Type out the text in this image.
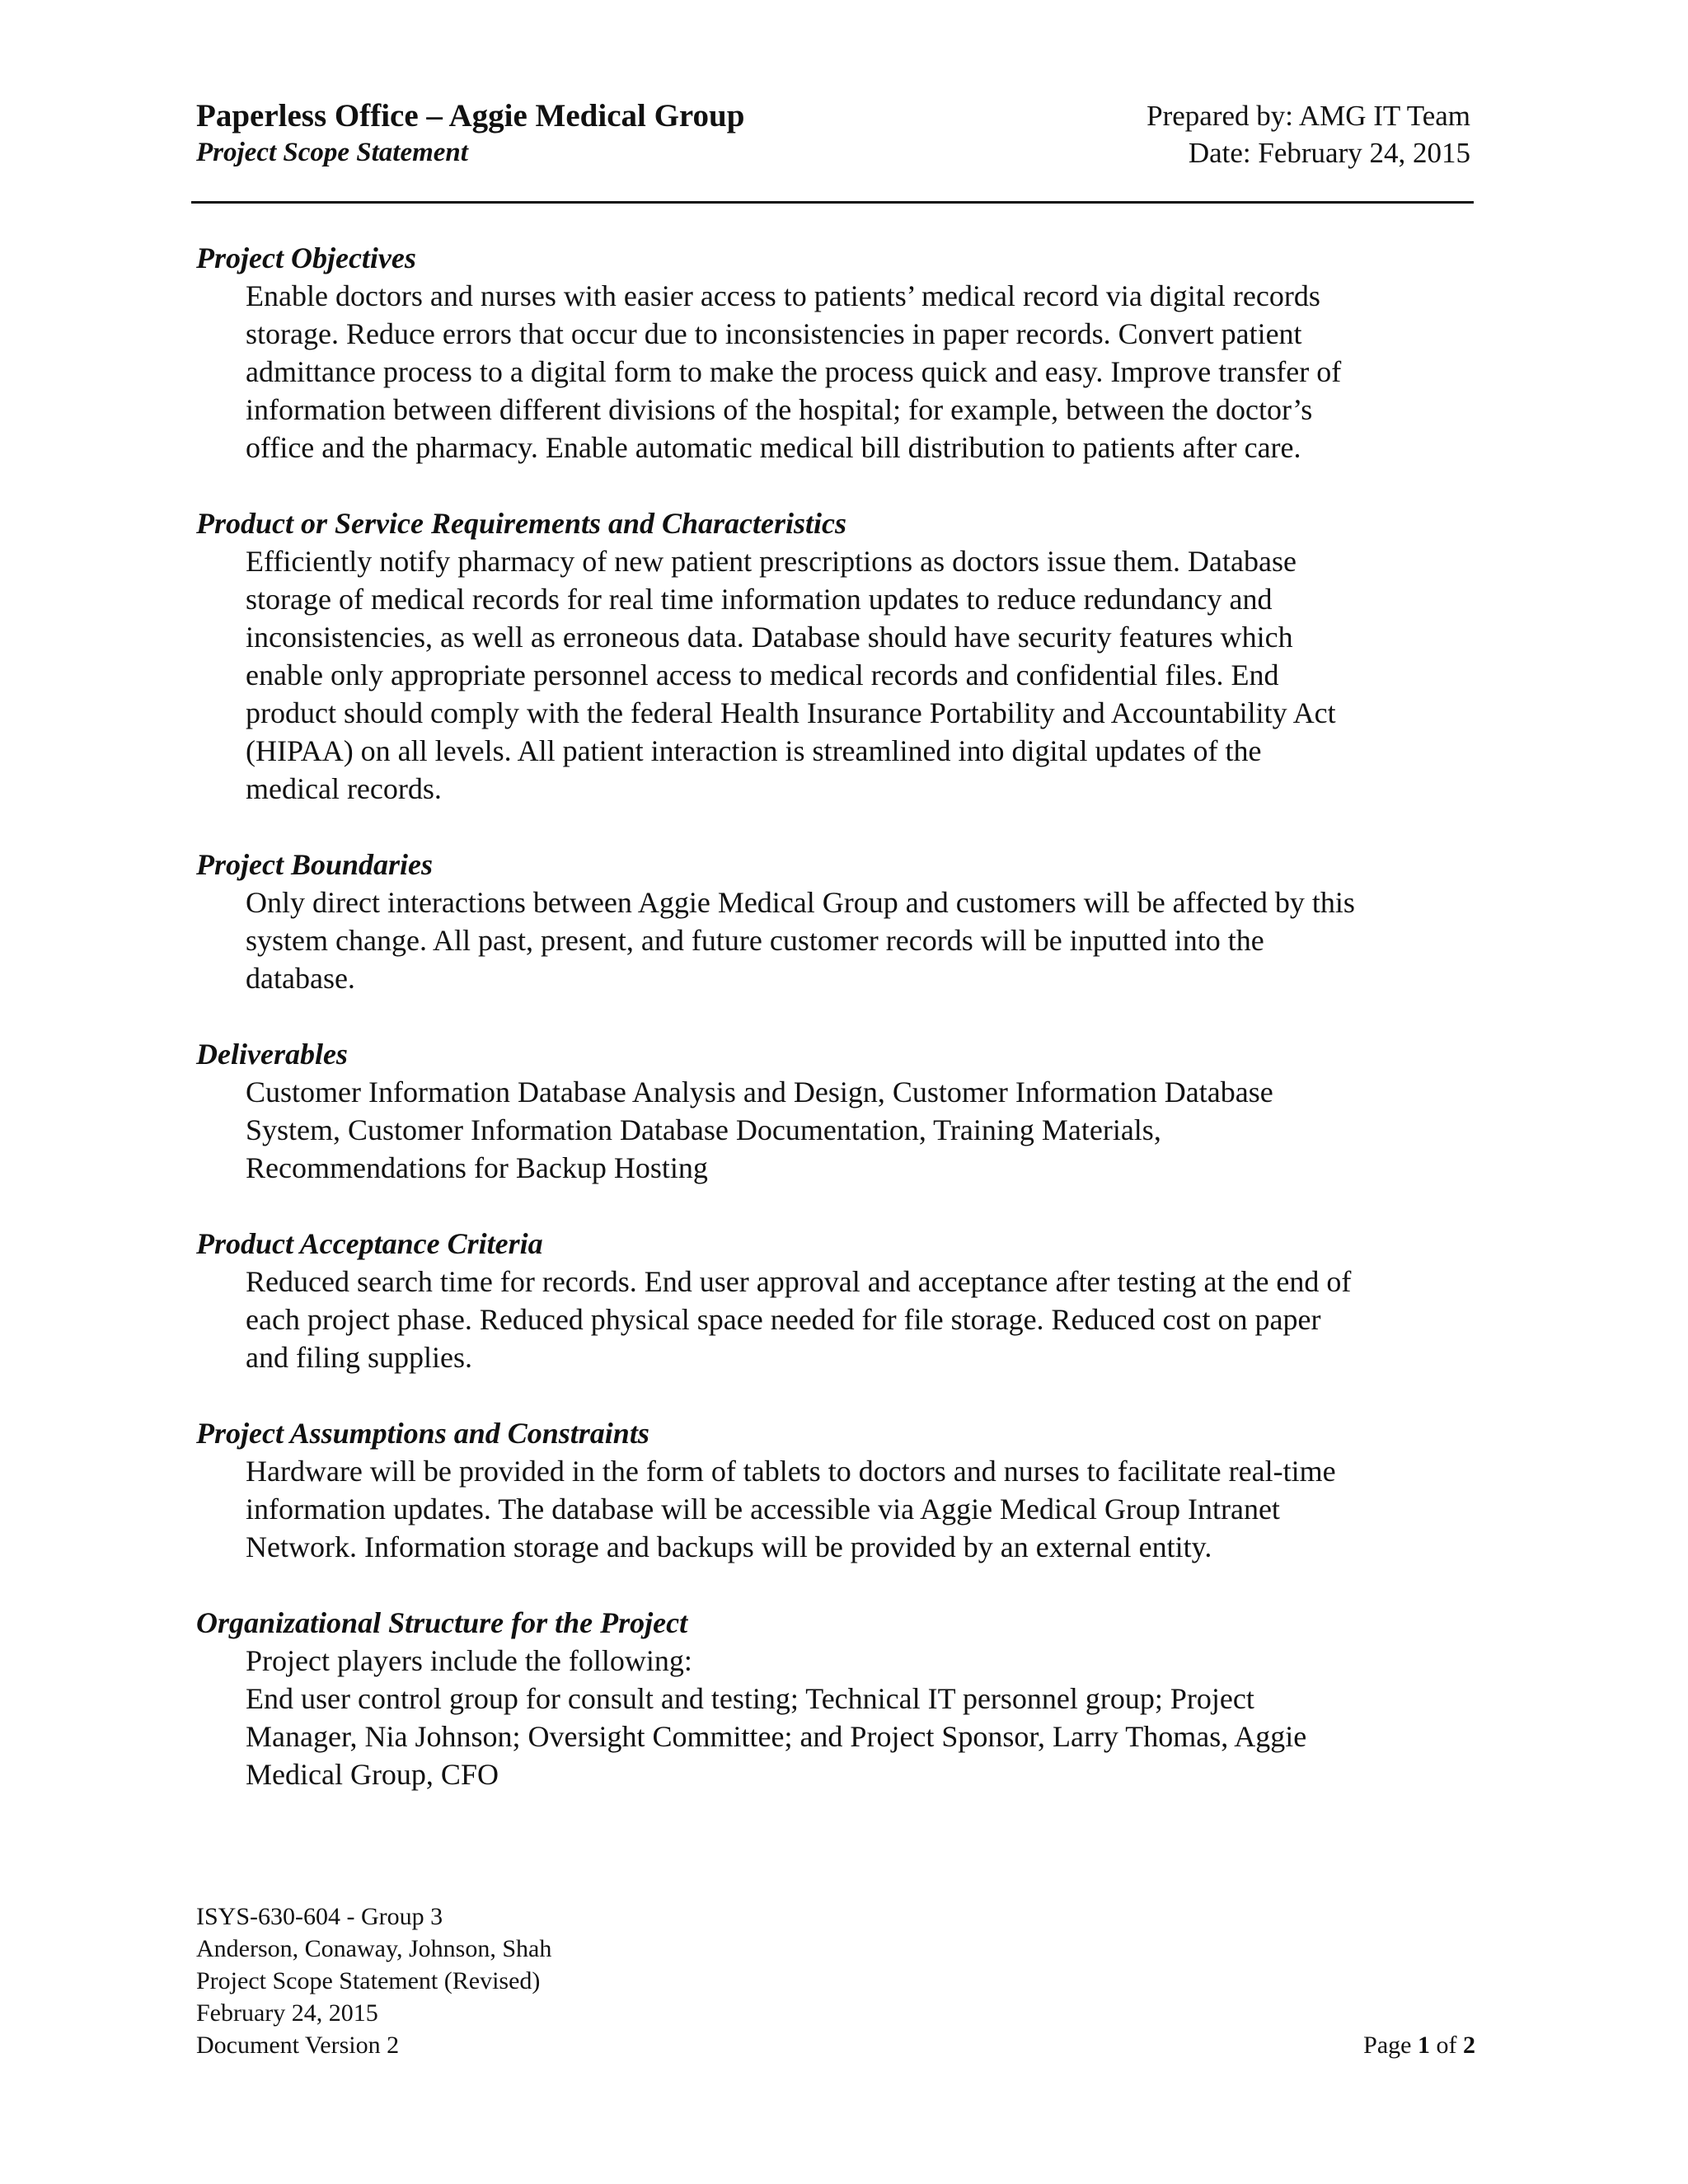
Paperless Office – Aggie Medical Group
Project Scope Statement
Prepared by: AMG IT Team
Date: February 24, 2015
Project Objectives
Enable doctors and nurses with easier access to patients’ medical record via digital records
storage. Reduce errors that occur due to inconsistencies in paper records. Convert patient
admittance process to a digital form to make the process quick and easy. Improve transfer of
information between different divisions of the hospital; for example, between the doctor’s
office and the pharmacy. Enable automatic medical bill distribution to patients after care.
Product or Service Requirements and Characteristics
Efficiently notify pharmacy of new patient prescriptions as doctors issue them. Database
storage of medical records for real time information updates to reduce redundancy and
inconsistencies, as well as erroneous data. Database should have security features which
enable only appropriate personnel access to medical records and confidential files. End
product should comply with the federal Health Insurance Portability and Accountability Act
(HIPAA) on all levels. All patient interaction is streamlined into digital updates of the
medical records.
Project Boundaries
Only direct interactions between Aggie Medical Group and customers will be affected by this
system change. All past, present, and future customer records will be inputted into the
database.
Deliverables
Customer Information Database Analysis and Design, Customer Information Database
System, Customer Information Database Documentation, Training Materials,
Recommendations for Backup Hosting
Product Acceptance Criteria
Reduced search time for records. End user approval and acceptance after testing at the end of
each project phase. Reduced physical space needed for file storage. Reduced cost on paper
and filing supplies.
Project Assumptions and Constraints
Hardware will be provided in the form of tablets to doctors and nurses to facilitate real-time
information updates. The database will be accessible via Aggie Medical Group Intranet
Network. Information storage and backups will be provided by an external entity.
Organizational Structure for the Project
Project players include the following:
End user control group for consult and testing; Technical IT personnel group; Project
Manager, Nia Johnson; Oversight Committee; and Project Sponsor, Larry Thomas, Aggie
Medical Group, CFO
ISYS-630-604 - Group 3
Anderson, Conaway, Johnson, Shah
Project Scope Statement (Revised)
February 24, 2015
Document Version 2	Page 1 of 2
